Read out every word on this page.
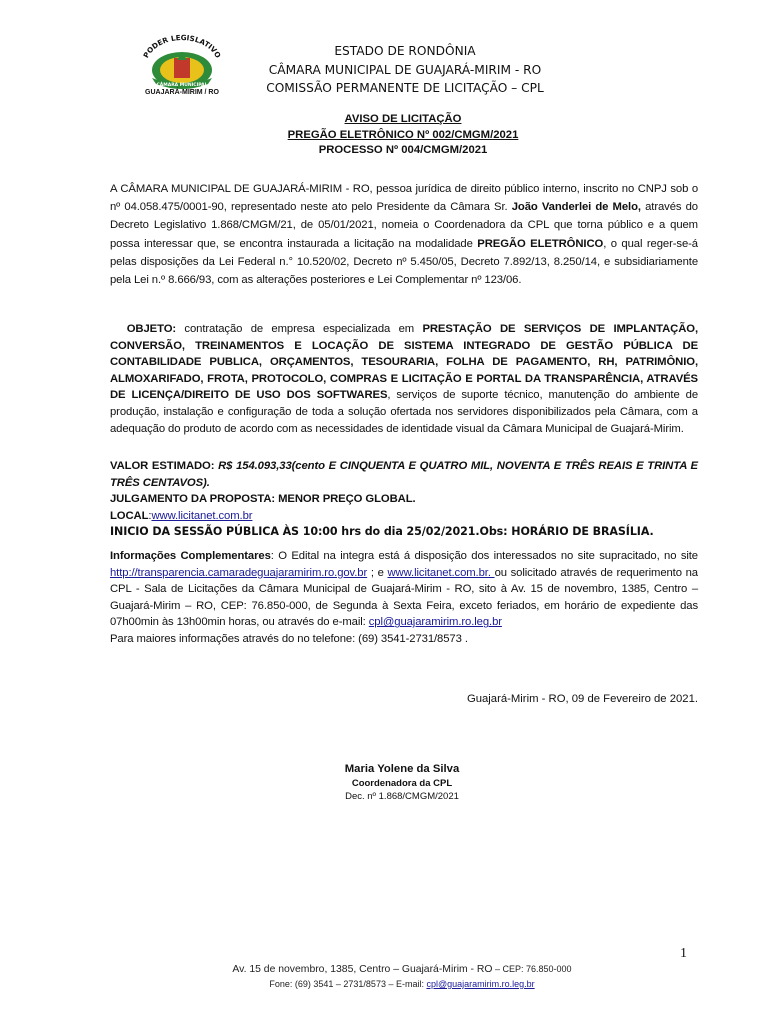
PODER LEGISLATIVO
CÂMARA MUNICIPAL
GUAJARÁ-MIRIM / RO
ESTADO DE RONDÔNIA
CÂMARA MUNICIPAL DE GUAJARÁ-MIRIM - RO
COMISSÃO PERMANENTE DE LICITAÇÃO – CPL
AVISO DE LICITAÇÃO
PREGÃO ELETRÔNICO Nº 002/CMGM/2021
PROCESSO Nº 004/CMGM/2021
A CÂMARA MUNICIPAL DE GUAJARÁ-MIRIM - RO, pessoa jurídica de direito público interno, inscrito no CNPJ sob o nº 04.058.475/0001-90, representado neste ato pelo Presidente da Câmara Sr. João Vanderlei de Melo, através do Decreto Legislativo 1.868/CMGM/21, de 05/01/2021, nomeia o Coordenadora da CPL que torna público e a quem possa interessar que, se encontra instaurada a licitação na modalidade PREGÃO ELETRÔNICO, o qual reger-se-á pelas disposições da Lei Federal n.° 10.520/02, Decreto nº 5.450/05, Decreto 7.892/13, 8.250/14, e subsidiariamente pela Lei n.º 8.666/93, com as alterações posteriores e Lei Complementar nº 123/06.
OBJETO: contratação de empresa especializada em PRESTAÇÃO DE SERVIÇOS DE IMPLANTAÇÃO, CONVERSÃO, TREINAMENTOS E LOCAÇÃO DE SISTEMA INTEGRADO DE GESTÃO PÚBLICA DE CONTABILIDADE PUBLICA, ORÇAMENTOS, TESOURARIA, FOLHA DE PAGAMENTO, RH, PATRIMÔNIO, ALMOXARIFADO, FROTA, PROTOCOLO, COMPRAS E LICITAÇÃO E PORTAL DA TRANSPARÊNCIA, ATRAVÉS DE LICENÇA/DIREITO DE USO DOS SOFTWARES, serviços de suporte técnico, manutenção do ambiente de produção, instalação e configuração de toda a solução ofertada nos servidores disponibilizados pela Câmara, com a adequação do produto de acordo com as necessidades de identidade visual da Câmara Municipal de Guajará-Mirim.
VALOR ESTIMADO: R$ 154.093,33(cento E CINQUENTA E QUATRO MIL, NOVENTA E TRÊS REAIS E TRINTA E TRÊS CENTAVOS).
JULGAMENTO DA PROPOSTA: MENOR PREÇO GLOBAL.
LOCAL:www.licitanet.com.br
INICIO DA SESSÃO PÚBLICA ÀS 10:00 hrs do dia 25/02/2021.Obs: HORÁRIO DE BRASÍLIA.
Informações Complementares: O Edital na integra está á disposição dos interessados no site supracitado, no site http://transparencia.camaradeguajaramirim.ro.gov.br ; e www.licitanet.com.br. ou solicitado através de requerimento na CPL - Sala de Licitações da Câmara Municipal de Guajará-Mirim - RO, sito à Av. 15 de novembro, 1385, Centro – Guajará-Mirim – RO, CEP: 76.850-000, de Segunda à Sexta Feira, exceto feriados, em horário de expediente das 07h00min às 13h00min horas, ou através do e-mail: cpl@guajaramirim.ro.leg.br
Para maiores informações através do no telefone: (69) 3541-2731/8573 .
Guajará-Mirim - RO, 09 de Fevereiro de 2021.
Maria Yolene da Silva
Coordenadora da CPL
Dec. nº 1.868/CMGM/2021
1
Av. 15 de novembro, 1385, Centro – Guajará-Mirim - RO – CEP: 76.850-000
Fone: (69) 3541 – 2731/8573 – E-mail: cpl@guajaramirim.ro.leg.br
